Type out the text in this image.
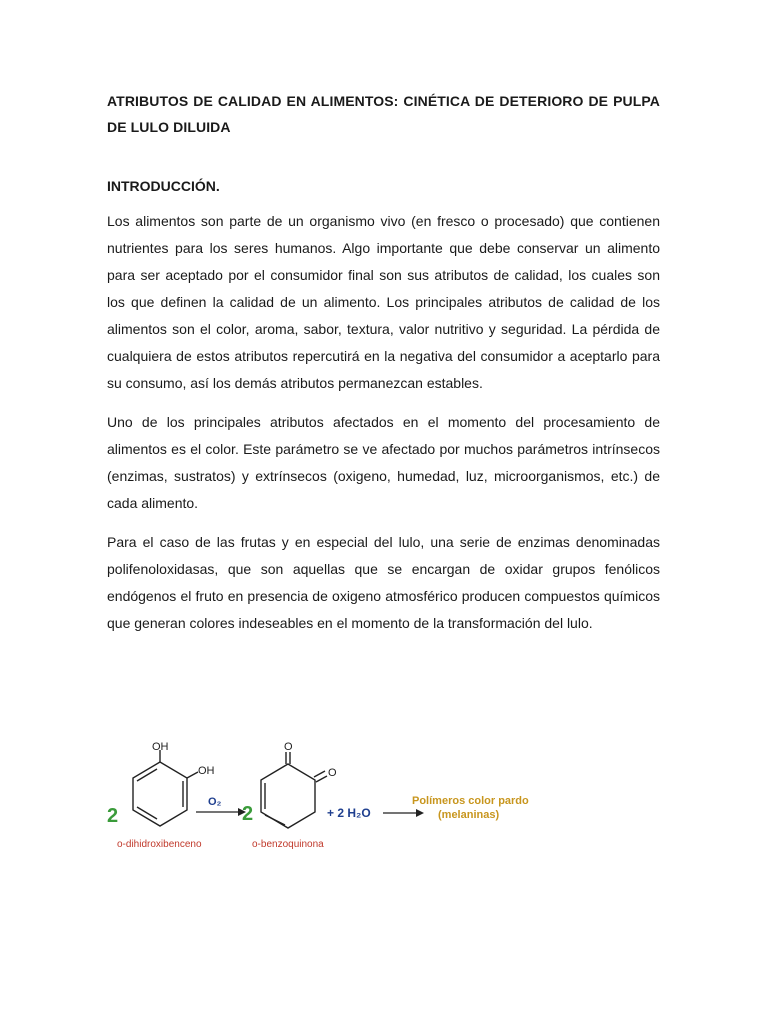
ATRIBUTOS DE CALIDAD EN ALIMENTOS: CINÉTICA DE DETERIORO DE PULPA DE LULO DILUIDA

INTRODUCCIÓN.

Los alimentos son parte de un organismo vivo (en fresco o procesado) que contienen nutrientes para los seres humanos. Algo importante que debe conservar un alimento para ser aceptado por el consumidor final son sus atributos de calidad, los cuales son los que definen la calidad de un alimento. Los principales atributos de calidad de los alimentos son el color, aroma, sabor, textura, valor nutritivo y seguridad. La pérdida de cualquiera de estos atributos repercutirá en la negativa del consumidor a aceptarlo para su consumo, así los demás atributos permanezcan estables.

Uno de los principales atributos afectados en el momento del procesamiento de alimentos es el color. Este parámetro se ve afectado por muchos parámetros intrínsecos (enzimas, sustratos) y extrínsecos (oxigeno, humedad, luz, microorganismos, etc.) de cada alimento.

Para el caso de las frutas y en especial del lulo, una serie de enzimas denominadas polifenoloxidasas, que son aquellas que se encargan de oxidar grupos fenólicos endógenos el fruto en presencia de oxigeno atmosférico producen compuestos químicos que generan colores indeseables en el momento de la transformación del lulo.

2
OH
OH
o-dihidroxibenceno
O₂
2
O
O
o-benzoquinona
+ 2 H₂O
Polímeros color pardo
(melaninas)
